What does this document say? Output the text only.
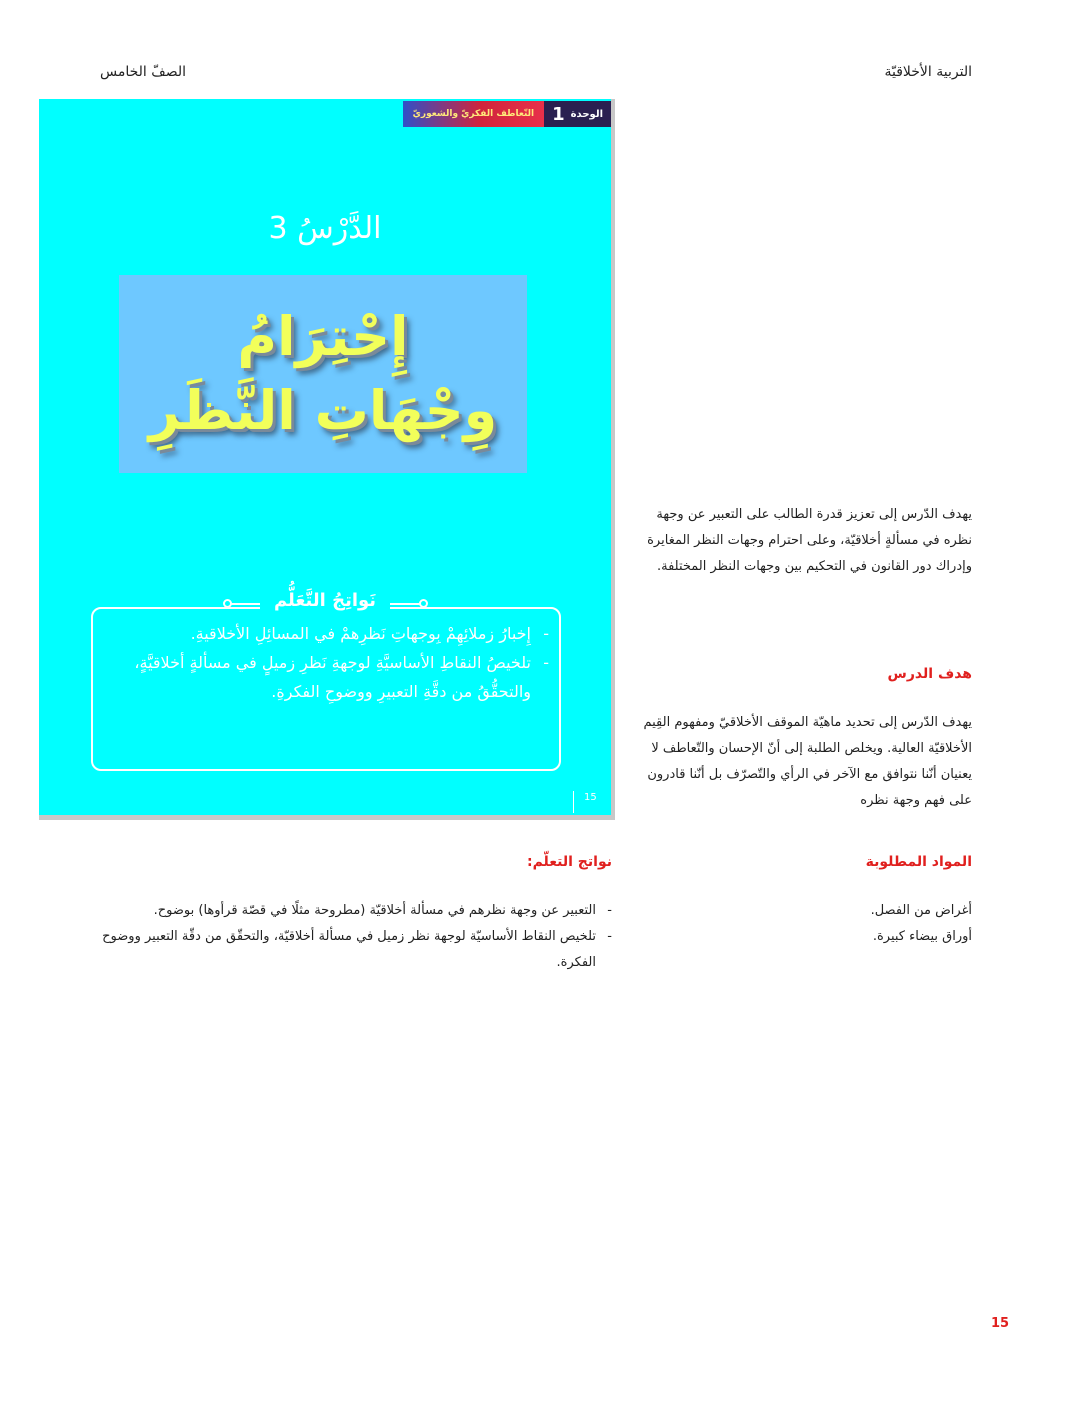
التربية الأخلاقيّة
الصفّ الخامس
الوحدة
1
التّعاطف الفكريّ والشعوريّ
الدَّرْسُ 3
إِحْتِرَامُ
وِجْهَاتِ النَّظَرِ
نَواتِجُ التَّعَلُّم
- إِخبارُ زملائِهِمْ بِوجهاتِ نَظرِهمْ في المسائِلِ الأخلاقيةِ.
- تلخيصُ النقاطِ الأساسيَّةِ لوجهةِ نَظرِ زميلٍ في مسألةٍ أخلاقيَّةٍ، والتحقُّقُ من دقَّةِ التعبيرِ ووضوحِ الفكرةِ.
15
يهدف الدّرس إلى تعزيز قدرة الطالب على التعبير عن وجهة نظره في مسألةٍ أخلاقيّة، وعلى احترام وجهات النظر المغايرة وإدراك دور القانون في التحكيم بين وجهات النظر المختلفة.
هدف الدرس
يهدف الدّرس إلى تحديد ماهيّة الموقف الأخلاقيّ ومفهوم القِيم الأخلاقيّة العالية. ويخلص الطلبة إلى أنّ الإحسان والتّعاطف لا يعنيان أنّنا نتوافق مع الآخر في الرأي والتّصرّف بل أنّنا قادرون على فهم وجهة نظره
المواد المطلوبة
أغراض من الفصل.
أوراق بيضاء كبيرة.
نواتج التعلّم:
- التعبير عن وجهة نظرهم في مسألة أخلاقيّة (مطروحة مثلًا في قصّة قرأوها) بوضوح.
- تلخيص النقاط الأساسيّة لوجهة نظر زميل في مسألة أخلاقيّة، والتحقّق من دقّة التعبير ووضوح الفكرة.
15
